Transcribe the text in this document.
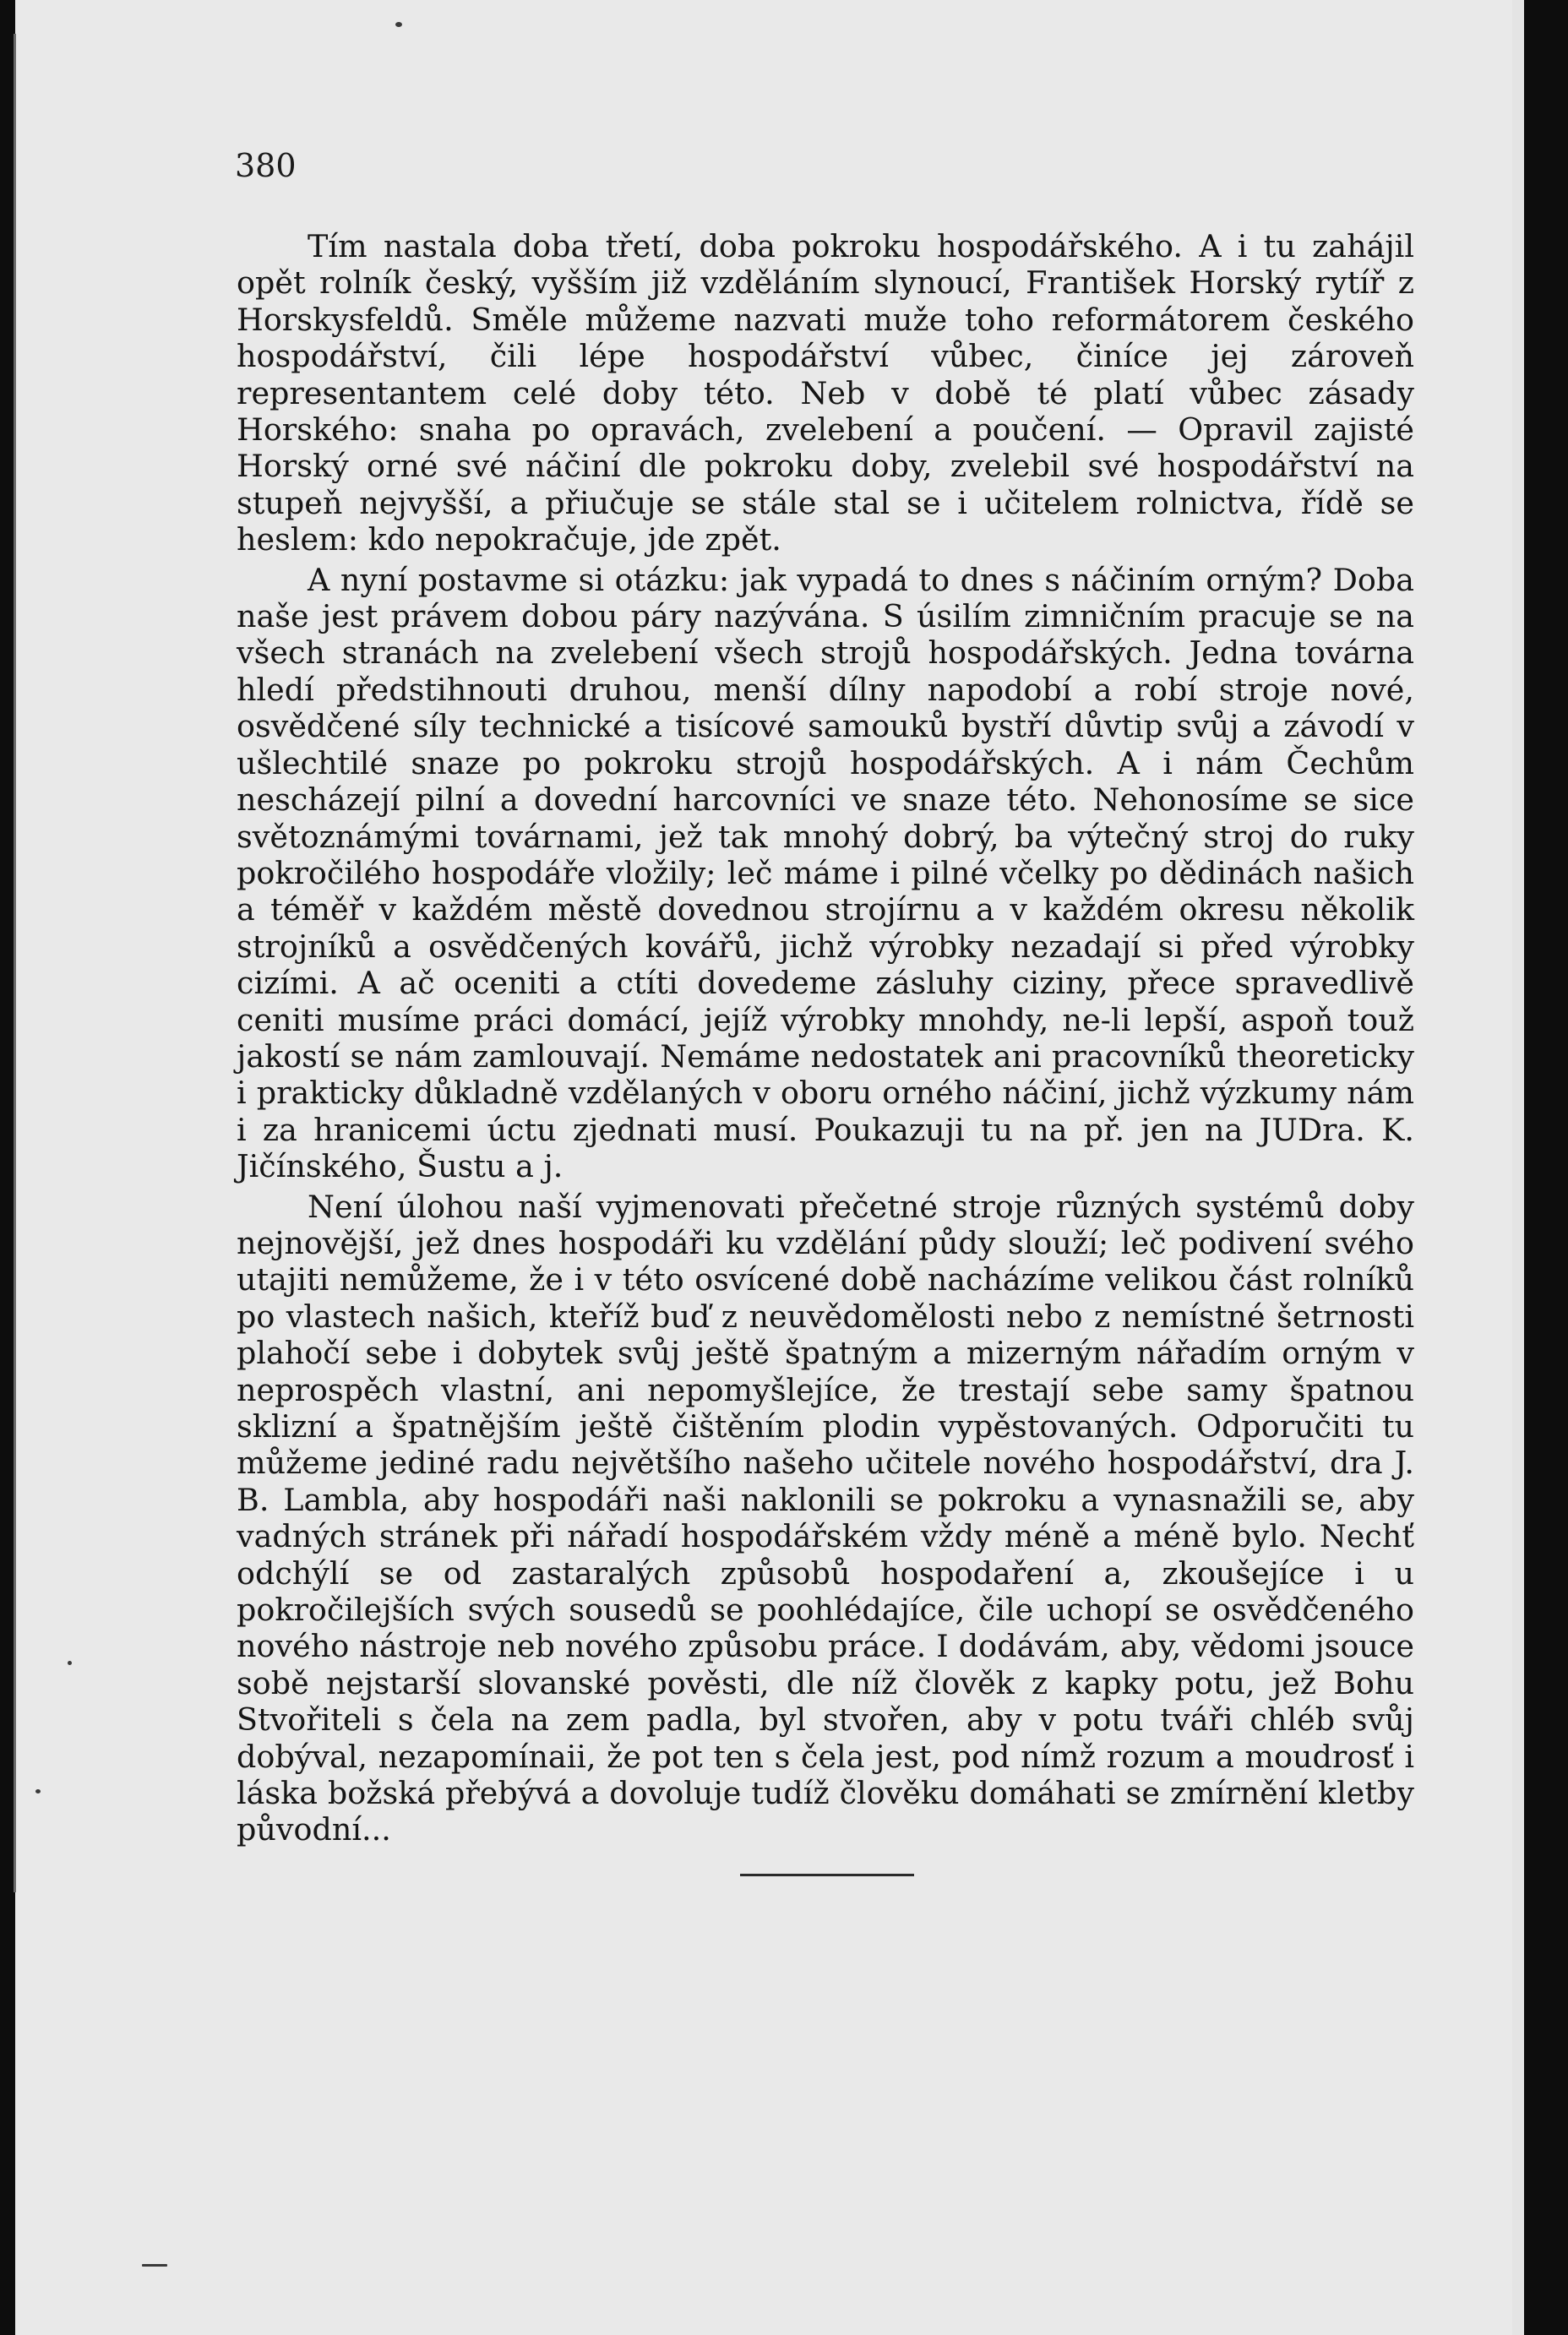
380

Tím nastala doba třetí, doba pokroku hospodářského. A i tu zahájil opět rolník český, vyšším již vzděláním slynoucí, František Horský rytíř z Horskysfeldů. Směle můžeme nazvati muže toho reformátorem českého hospodářství, čili lépe hospodářství vůbec, činíce jej zároveň representantem celé doby této. Neb v době té platí vůbec zásady Horského: snaha po opravách, zvelebení a poučení. — Opravil zajisté Horský orné své náčiní dle pokroku doby, zvelebil své hospodářství na stupeň nejvyšší, a přiučuje se stále stal se i učitelem rolnictva, řídě se heslem: kdo nepokračuje, jde zpět.

A nyní postavme si otázku: jak vypadá to dnes s náčiním orným? Doba naše jest právem dobou páry nazývána. S úsilím zimničním pracuje se na všech stranách na zvelebení všech strojů hospodářských. Jedna továrna hledí předstihnouti druhou, menší dílny napodobí a robí stroje nové, osvědčené síly technické a tisícové samouků bystří důvtip svůj a závodí v ušlechtilé snaze po pokroku strojů hospodářských. A i nám Čechům nescházejí pilní a dovední harcovníci ve snaze této. Nehonosíme se sice světoznámými továrnami, jež tak mnohý dobrý, ba výtečný stroj do ruky pokročilého hospodáře vložily; leč máme i pilné včelky po dědinách našich a téměř v každém městě dovednou strojírnu a v každém okresu několik strojníků a osvědčených kovářů, jichž výrobky nezadají si před výrobky cizími. A ač oceniti a ctíti dovedeme zásluhy ciziny, přece spravedlivě ceniti musíme práci domácí, jejíž výrobky mnohdy, ne-li lepší, aspoň touž jakostí se nám zamlouvají. Nemáme nedostatek ani pracovníků theoreticky i prakticky důkladně vzdělaných v oboru orného náčiní, jichž výzkumy nám i za hranicemi úctu zjednati musí. Poukazuji tu na př. jen na JUDra. K. Jičínského, Šustu a j.

Není úlohou naší vyjmenovati přečetné stroje různých systémů doby nejnovější, jež dnes hospodáři ku vzdělání půdy slouží; leč podivení svého utajiti nemůžeme, že i v této osvícené době nacházíme velikou část rolníků po vlastech našich, kteříž buď z neuvědomělosti nebo z nemístné šetrnosti plahočí sebe i dobytek svůj ještě špatným a mizerným nářadím orným v neprospěch vlastní, ani nepomyšlejíce, že trestají sebe samy špatnou sklizní a špatnějším ještě čištěním plodin vypěstovaných. Odporučiti tu můžeme jediné radu největšího našeho učitele nového hospodářství, dra J. B. Lambla, aby hospodáři naši naklonili se pokroku a vynasnažili se, aby vadných stránek při nářadí hospodářském vždy méně a méně bylo. Nechť odchýlí se od zastaralých způsobů hospodaření a, zkoušejíce i u pokročilejších svých sousedů se poohlédajíce, čile uchopí se osvědčeného nového nástroje neb nového způsobu práce. I dodávám, aby, vědomi jsouce sobě nejstarší slovanské pověsti, dle níž člověk z kapky potu, jež Bohu Stvořiteli s čela na zem padla, byl stvořen, aby v potu tváři chléb svůj dobýval, nezapomínaii, že pot ten s čela jest, pod nímž rozum a moudrosť i láska božská přebývá a dovoluje tudíž člověku domáhati se zmírnění kletby původní...
